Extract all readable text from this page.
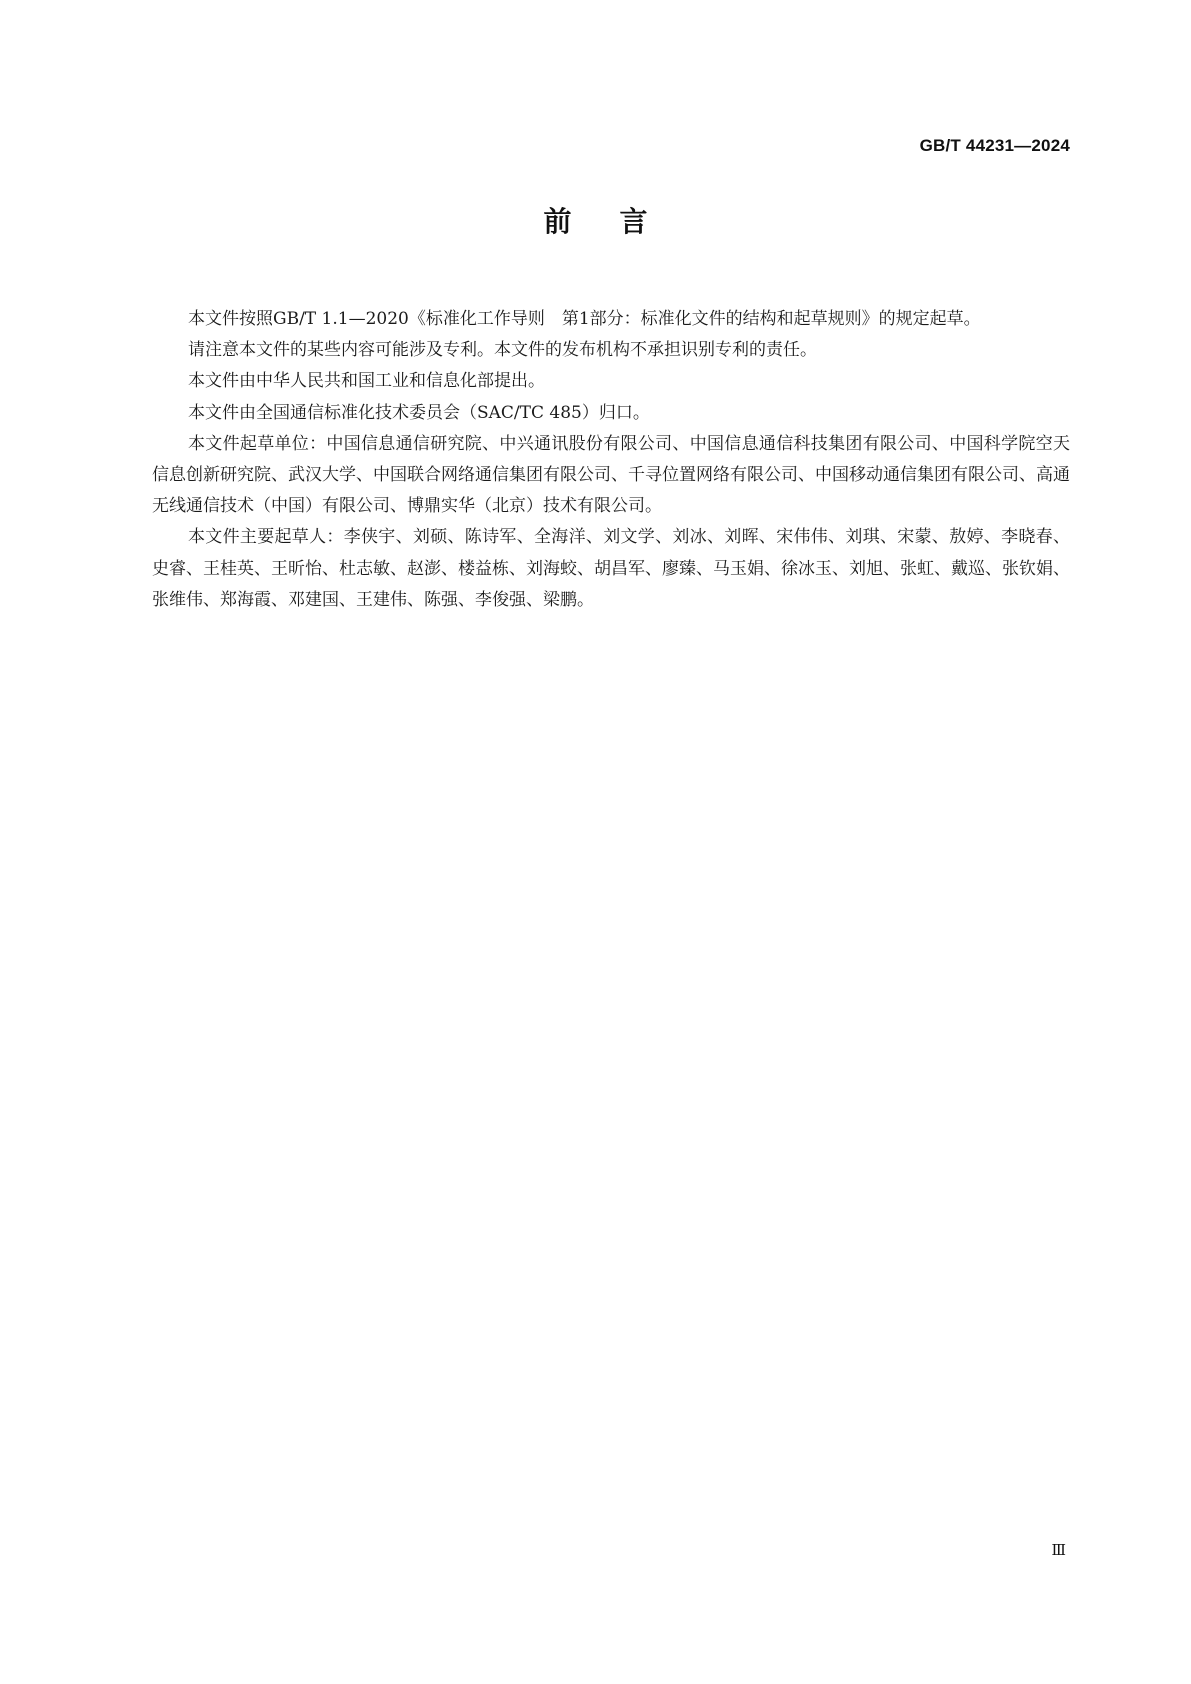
GB/T 44231—2024
前言

本文件按照GB/T 1.1—2020《标准化工作导则　第1部分：标准化文件的结构和起草规则》的规定起草。

请注意本文件的某些内容可能涉及专利。本文件的发布机构不承担识别专利的责任。

本文件由中华人民共和国工业和信息化部提出。

本文件由全国通信标准化技术委员会（SAC/TC 485）归口。

本文件起草单位：中国信息通信研究院、中兴通讯股份有限公司、中国信息通信科技集团有限公司、中国科学院空天信息创新研究院、武汉大学、中国联合网络通信集团有限公司、千寻位置网络有限公司、中国移动通信集团有限公司、高通无线通信技术（中国）有限公司、博鼎实华（北京）技术有限公司。

本文件主要起草人：李侠宇、刘硕、陈诗军、全海洋、刘文学、刘冰、刘晖、宋伟伟、刘琪、宋蒙、敖婷、李晓春、史睿、王桂英、王昕怡、杜志敏、赵澎、楼益栋、刘海蛟、胡昌军、廖臻、马玉娟、徐冰玉、刘旭、张虹、戴巡、张钦娟、张维伟、郑海霞、邓建国、王建伟、陈强、李俊强、梁鹏。

Ⅲ
